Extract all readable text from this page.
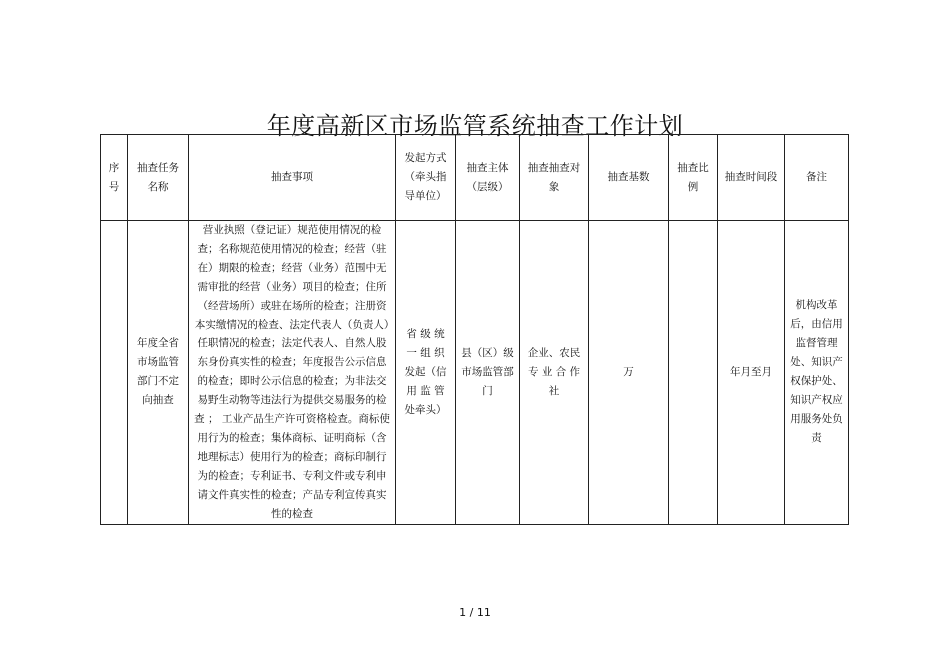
年度高新区市场监管系统抽查工作计划
序号	抽查任务名称	抽查事项	发起方式（牵头指导单位）	抽查主体（层级）	抽查抽查对象	抽查基数	抽查比例	抽查时间段	备注
	年度全省市场监管部门不定向抽查	营业执照（登记证）规范使用情况的检查；名称规范使用情况的检查；经营（驻在）期限的检查；经营（业务）范围中无需审批的经营（业务）项目的检查；住所（经营场所）或驻在场所的检查；注册资本实缴情况的检查、法定代表人（负责人）任职情况的检查；法定代表人、自然人股东身份真实性的检查；年度报告公示信息的检查；即时公示信息的检查；为非法交易野生动物等违法行为提供交易服务的检查 ； 工业产品生产许可资格检查。商标使用行为的检查；集体商标、证明商标（含地理标志）使用行为的检查；商标印制行为的检查；专利证书、专利文件或专利申请文件真实性的检查；产品专利宣传真实性的检查	省 级 统 一 组 织 发起（信 用 监 管 处牵头）	县（区）级市场监管部门	企业、农民 专 业 合 作社	万		年月至月	机构改革后，由信用监督管理处、知识产权保护处、知识产权应用服务处负责
1 / 11
